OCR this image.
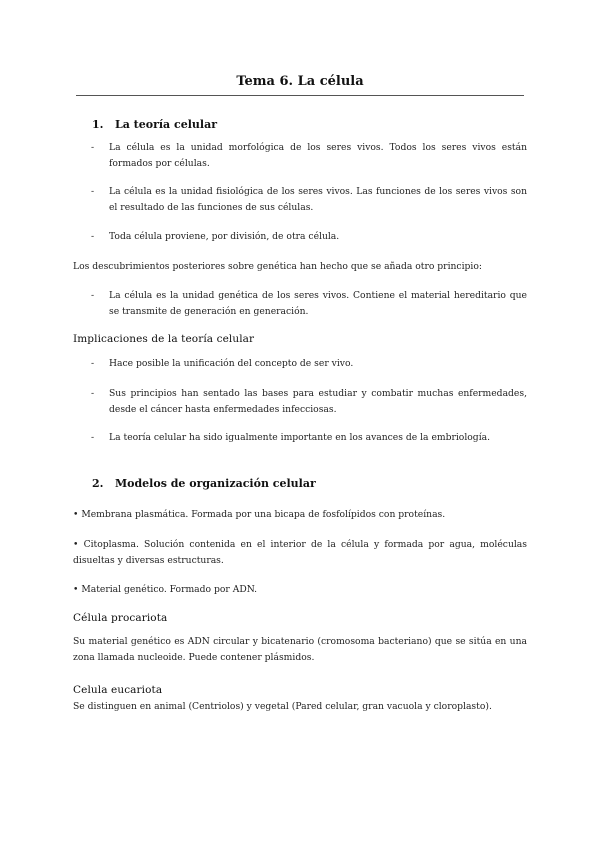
Tema 6. La célula
1.   La teoría celular
- La célula es la unidad morfológica de los seres vivos. Todos los seres vivos están formados por células.
- La célula es la unidad fisiológica de los seres vivos. Las funciones de los seres vivos son el resultado de las funciones de sus células.
- Toda célula proviene, por división, de otra célula.
Los descubrimientos posteriores sobre genética han hecho que se añada otro principio:
- La célula es la unidad genética de los seres vivos. Contiene el material hereditario que se transmite de generación en generación.
Implicaciones de la teoría celular
- Hace posible la unificación del concepto de ser vivo.
- Sus principios han sentado las bases para estudiar y combatir muchas enfermedades, desde el cáncer hasta enfermedades infecciosas.
- La teoría celular ha sido igualmente importante en los avances de la embriología.
2.   Modelos de organización celular
• Membrana plasmática. Formada por una bicapa de fosfolípidos con proteínas.
• Citoplasma. Solución contenida en el interior de la célula y formada por agua, moléculas disueltas y diversas estructuras.
• Material genético. Formado por ADN.
Célula procariota
Su material genético es ADN circular y bicatenario (cromosoma bacteriano) que se sitúa en una zona llamada nucleoide. Puede contener plásmidos.
Celula eucariota
Se distinguen en animal (Centriolos) y vegetal (Pared celular, gran vacuola y cloroplasto).
